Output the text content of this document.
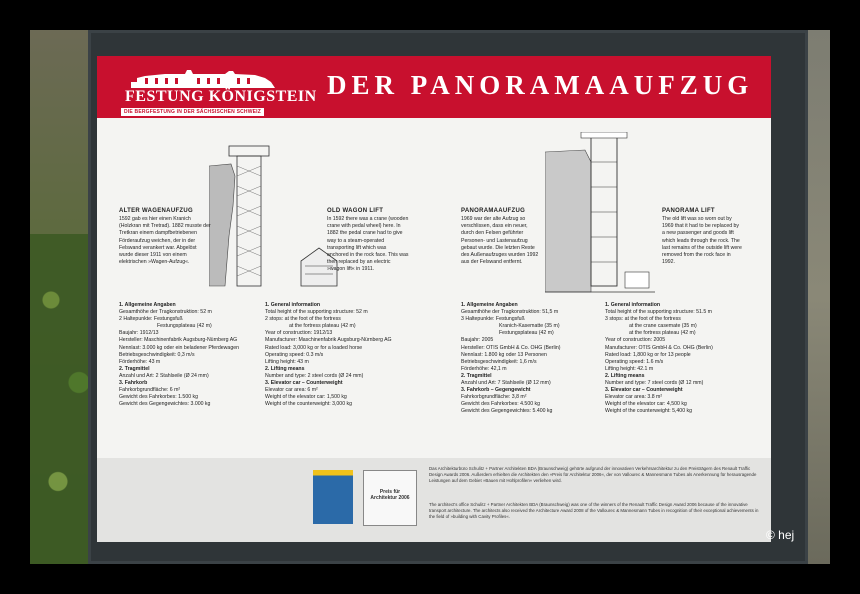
FESTUNG KÖNIGSTEIN
DIE BERGFESTUNG IN DER SÄCHSISCHEN SCHWEIZ
DER PANORAMAAUFZUG
ALTER WAGENAUFZUG
1592 gab es hier einen Kranich (Holzkran mit Tretrad). 1882 musste der Tretkran einem dampfbetriebenen Förderaufzug weichen, der in der Felswand verankert war. Abgelöst wurde dieser 1911 von einem elektrischen »Wagen-Aufzug«.
OLD WAGON LIFT
In 1592 there was a crane (wooden crane with pedal wheel) here. In 1882 the pedal crane had to give way to a steam-operated transporting lift which was anchored in the rock face. This was then replaced by an electric »wagon lift« in 1911.
PANORAMAAUFZUG
1969 war der alte Aufzug so verschlissen, dass ein neuer, durch den Felsen geführter Personen- und Lastenaufzug gebaut wurde. Die letzten Reste des Außenaufzuges wurden 1992 aus der Felswand entfernt.
PANORAMA LIFT
The old lift was so worn out by 1969 that it had to be replaced by a new passenger and goods lift which leads through the rock. The last remains of the outside lift were removed from the rock face in 1992.
1. Allgemeine Angaben
Gesamthöhe der Tragkonstruktion: 52 m
2 Haltepunkte: Festungsfuß
Festungsplateau (42 m)
Baujahr: 1912/13
Hersteller: Maschinenfabrik Augsburg-Nürnberg AG
Nennlast: 3.000 kg oder ein beladener Pferdewagen
Betriebsgeschwindigkeit: 0,3 m/s
Förderhöhe: 43 m
2. Tragmittel
Anzahl und Art: 2 Stahlseile (Ø 24 mm)
3. Fahrkorb
Fahrkorbgrundfläche: 6 m²
Gewicht des Fahrkorbes: 1.500 kg
Gewicht des Gegengewichtes: 3.000 kg
1. General information
Total height of the supporting structure: 52 m
2 stops: at the foot of the fortress
at the fortress plateau (42 m)
Year of construction: 1912/13
Manufacturer: Maschinenfabrik Augsburg-Nürnberg AG
Rated load: 3,000 kg or for a loaded horse
Operating speed: 0.3 m/s
Lifting height: 43 m
2. Lifting means
Number and type: 2 steel cords (Ø 24 mm)
3. Elevator car – Counterweight
Elevator car area: 6 m²
Weight of the elevator car: 1,500 kg
Weight of the counterweight: 3,000 kg
1. Allgemeine Angaben
Gesamthöhe der Tragkonstruktion: 51,5 m
3 Haltepunkte: Festungsfuß
Kranich-Kasematte (35 m)
Festungsplateau (42 m)
Baujahr: 2005
Hersteller: OTIS GmbH & Co. OHG (Berlin)
Nennlast: 1.800 kg oder 13 Personen
Betriebsgeschwindigkeit: 1,6 m/s
Förderhöhe: 42,1 m
2. Tragmittel
Anzahl und Art: 7 Stahlseile (Ø 12 mm)
3. Fahrkorb – Gegengewicht
Fahrkorbgrundfläche: 3,8 m²
Gewicht des Fahrkorbes: 4.500 kg
Gewicht des Gegengewichtes: 5.400 kg
1. General information
Total height of the supporting structure: 51.5 m
3 stops: at the foot of the fortress
at the crane casemate (35 m)
at the fortress plateau (42 m)
Year of construction: 2005
Manufacturer: OTIS GmbH & Co. OHG (Berlin)
Rated load: 1,800 kg or for 13 people
Operating speed: 1.6 m/s
Lifting height: 42.1 m
2. Lifting means
Number and type: 7 steel cords (Ø 12 mm)
3. Elevator car – Counterweight
Elevator car area: 3.8 m²
Weight of the elevator car: 4,500 kg
Weight of the counterweight: 5,400 kg
Preis für Architektur 2006
Das Architekturbüro Schulitz + Partner Architekten BDA (Braunschweig) gehörte aufgrund der innovativen Verkehrsarchitektur zu den Preisträgern des Renault Traffic Design Awards 2006. Außerdem erhielten die Architekten den »Preis für Architektur 2006«, der von Vallourec & Mannesmann Tubes als Anerkennung für herausragende Leistungen auf dem Gebiet »Bauen mit Hohlprofilen« verliehen wird.
The architect's office Schulitz + Partner Architekten BDA (Braunschweig) was one of the winners of the Renault Traffic Design Award 2006 because of the innovative transport architecture. The architects also received the Architecture Award 2008 of the Vallourec & Mannesmann Tubes in recognition of their exceptional achievements in the field of »building with Cavity Profiles«.
© hej
